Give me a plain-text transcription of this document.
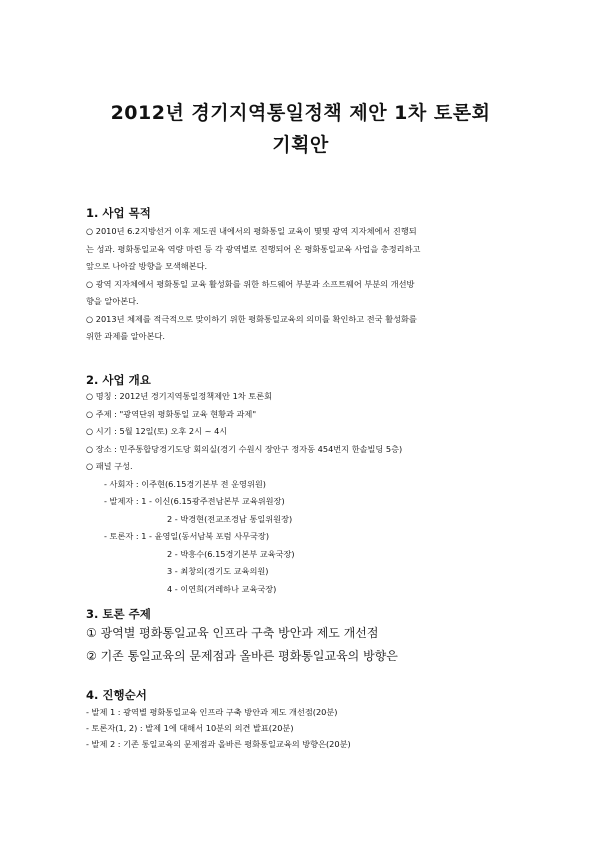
2012년 경기지역통일정책 제안 1차 토론회
기획안
1. 사업 목적
○ 2010년 6.2지방선거 이후 제도권 내에서의 평화통일 교육이 몇몇 광역 지자체에서 진행되
는 성과. 평화통일교육 역량 마련 등 각 광역별로 진행되어 온 평화통일교육 사업을 총정리하고
앞으로 나아갈 방향을 모색해본다.
○ 광역 지자체에서 평화통일 교육 활성화를 위한 하드웨어 부분과 소프트웨어 부분의 개선방
향을 알아본다.
○ 2013년 체제를 적극적으로 맞이하기 위한 평화통일교육의 의미를 확인하고 전국 활성화를
위한 과제를 알아본다.
2. 사업 개요
○ 명칭 : 2012년 경기지역통일정책제안 1차 토론회
○ 주제 : "광역단위 평화통일 교육 현황과 과제"
○ 시기 : 5월 12일(토) 오후 2시 ~ 4시
○ 장소 : 민주통합당경기도당 회의실(경기 수원시 장안구 정자동 454번지 한솔빌딩 5층)
○ 패널 구성.
- 사회자 : 이주현(6.15경기본부 전 운영위원)
- 발제자 : 1 - 이신(6.15광주전남본부 교육위원장)
2 - 박경현(전교조경남 통일위원장)
- 토론자 : 1 - 윤영일(동서남북 포럼 사무국장)
2 - 박흥수(6.15경기본부 교육국장)
3 - 최창의(경기도 교육의원)
4 - 이연희(겨레하나 교육국장)
3. 토론 주제
① 광역별 평화통일교육 인프라 구축 방안과 제도 개선점
② 기존 통일교육의 문제점과 올바른 평화통일교육의 방향은
4. 진행순서
- 발제 1 : 광역별 평화통일교육 인프라 구축 방안과 제도 개선점(20분)
- 토론자(1, 2) : 발제 1에 대해서 10분의 의견 발표(20분)
- 발제 2 : 기존 통일교육의 문제점과 올바른 평화통일교육의 방향은(20분)
